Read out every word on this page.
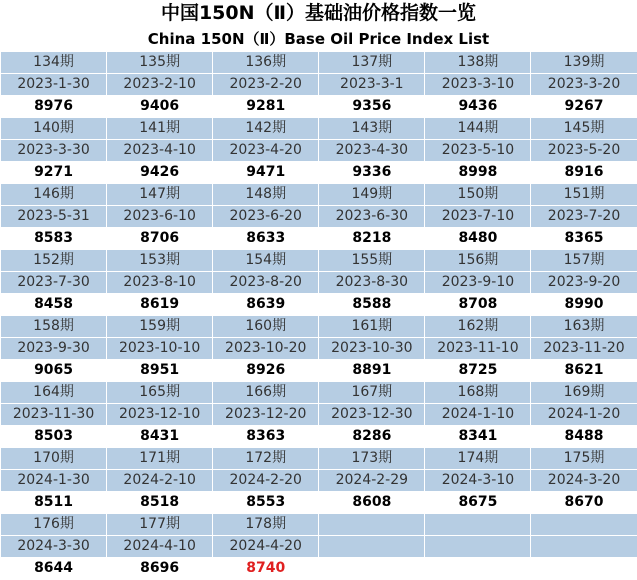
中国150N（Ⅱ）基础油价格指数一览
China 150N（Ⅱ）Base Oil Price Index List
134期	135期	136期	137期	138期	139期
2023-1-30	2023-2-10	2023-2-20	2023-3-1	2023-3-10	2023-3-20
8976	9406	9281	9356	9436	9267
140期	141期	142期	143期	144期	145期
2023-3-30	2023-4-10	2023-4-20	2023-4-30	2023-5-10	2023-5-20
9271	9426	9471	9336	8998	8916
146期	147期	148期	149期	150期	151期
2023-5-31	2023-6-10	2023-6-20	2023-6-30	2023-7-10	2023-7-20
8583	8706	8633	8218	8480	8365
152期	153期	154期	155期	156期	157期
2023-7-30	2023-8-10	2023-8-20	2023-8-30	2023-9-10	2023-9-20
8458	8619	8639	8588	8708	8990
158期	159期	160期	161期	162期	163期
2023-9-30	2023-10-10	2023-10-20	2023-10-30	2023-11-10	2023-11-20
9065	8951	8926	8891	8725	8621
164期	165期	166期	167期	168期	169期
2023-11-30	2023-12-10	2023-12-20	2023-12-30	2024-1-10	2024-1-20
8503	8431	8363	8286	8341	8488
170期	171期	172期	173期	174期	175期
2024-1-30	2024-2-10	2024-2-20	2024-2-29	2024-3-10	2024-3-20
8511	8518	8553	8608	8675	8670
176期	177期	178期			
2024-3-30	2024-4-10	2024-4-20			
8644	8696	8740			
